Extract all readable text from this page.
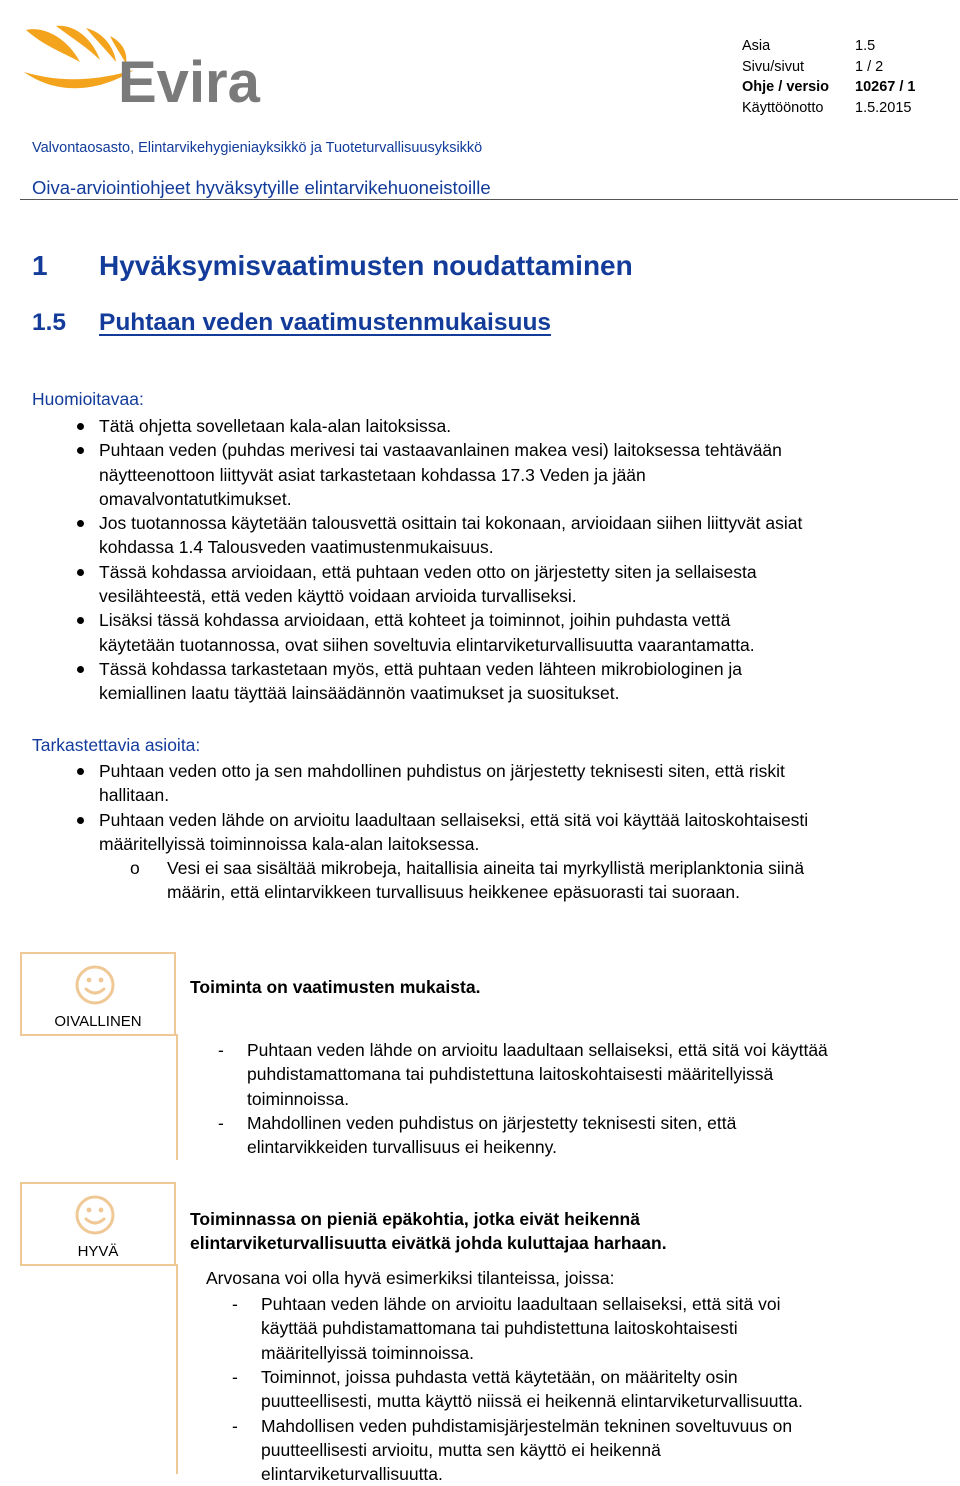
Evira
Asia	1.5
Sivu/sivut	1 / 2
Ohje / versio	10267 / 1
Käyttöönotto	1.5.2015
Valvontaosasto, Elintarvikehygieniayksikkö ja Tuoteturvallisuusyksikkö
Oiva-arviointiohjeet hyväksytyille elintarvikehuoneistoille
1	Hyväksymisvaatimusten noudattaminen
1.5	Puhtaan veden vaatimustenmukaisuus
Huomioitavaa:
Tätä ohjetta sovelletaan kala-alan laitoksissa.
Puhtaan veden (puhdas merivesi tai vastaavanlainen makea vesi) laitoksessa tehtävään
näytteenottoon liittyvät asiat tarkastetaan kohdassa 17.3 Veden ja jään
omavalvontatutkimukset.
Jos tuotannossa käytetään talousvettä osittain tai kokonaan, arvioidaan siihen liittyvät asiat
kohdassa 1.4 Talousveden vaatimustenmukaisuus.
Tässä kohdassa arvioidaan, että puhtaan veden otto on järjestetty siten ja sellaisesta
vesilähteestä, että veden käyttö voidaan arvioida turvalliseksi.
Lisäksi tässä kohdassa arvioidaan, että kohteet ja toiminnot, joihin puhdasta vettä
käytetään tuotannossa, ovat siihen soveltuvia elintarviketurvallisuutta vaarantamatta.
Tässä kohdassa tarkastetaan myös, että puhtaan veden lähteen mikrobiologinen ja
kemiallinen laatu täyttää lainsäädännön vaatimukset ja suositukset.
Tarkastettavia asioita:
Puhtaan veden otto ja sen mahdollinen puhdistus on järjestetty teknisesti siten, että riskit
hallitaan.
Puhtaan veden lähde on arvioitu laadultaan sellaiseksi, että sitä voi käyttää laitoskohtaisesti
määritellyissä toiminnoissa kala-alan laitoksessa.
o Vesi ei saa sisältää mikrobeja, haitallisia aineita tai myrkyllistä meriplanktonia siinä
määrin, että elintarvikkeen turvallisuus heikkenee epäsuorasti tai suoraan.
OIVALLINEN
Toiminta on vaatimusten mukaista.
- Puhtaan veden lähde on arvioitu laadultaan sellaiseksi, että sitä voi käyttää
puhdistamattomana tai puhdistettuna laitoskohtaisesti määritellyissä
toiminnoissa.
- Mahdollinen veden puhdistus on järjestetty teknisesti siten, että
elintarvikkeiden turvallisuus ei heikenny.
HYVÄ
Toiminnassa on pieniä epäkohtia, jotka eivät heikennä
elintarviketurvallisuutta eivätkä johda kuluttajaa harhaan.
Arvosana voi olla hyvä esimerkiksi tilanteissa, joissa:
- Puhtaan veden lähde on arvioitu laadultaan sellaiseksi, että sitä voi
käyttää puhdistamattomana tai puhdistettuna laitoskohtaisesti
määritellyissä toiminnoissa.
- Toiminnot, joissa puhdasta vettä käytetään, on määritelty osin
puutteellisesti, mutta käyttö niissä ei heikennä elintarviketurvallisuutta.
- Mahdollisen veden puhdistamisjärjestelmän tekninen soveltuvuus on
puutteellisesti arvioitu, mutta sen käyttö ei heikennä
elintarviketurvallisuutta.
